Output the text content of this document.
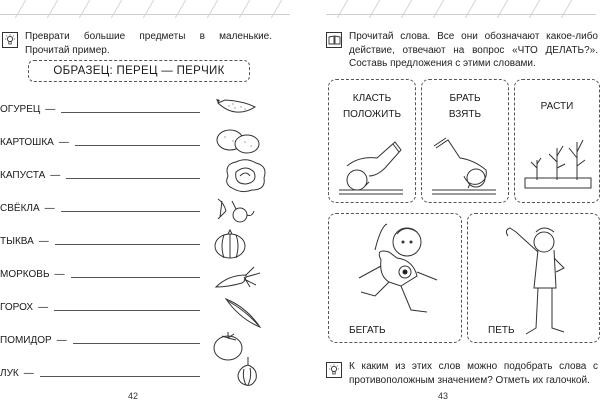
Преврати большие предметы в маленькие. Прочитай пример.
ОБРАЗЕЦ: ПЕРЕЦ — ПЕРЧИК
ОГУРЕЦ —
КАРТОШКА —
КАПУСТА —
СВЁКЛА —
ТЫКВА —
МОРКОВЬ —
ГОРОХ —
ПОМИДОР —
ЛУК —
42
Прочитай слова. Все они обозначают какое-либо действие, отвечают на вопрос «ЧТО ДЕЛАТЬ?». Составь предложения с этими словами.
КЛАСТЬ
ПОЛОЖИТЬ
БРАТЬ
ВЗЯТЬ
РАСТИ
БЕГАТЬ	ПЕТЬ
К каким из этих слов можно подобрать слова с противоположным значением? Отметь их галочкой.
43
